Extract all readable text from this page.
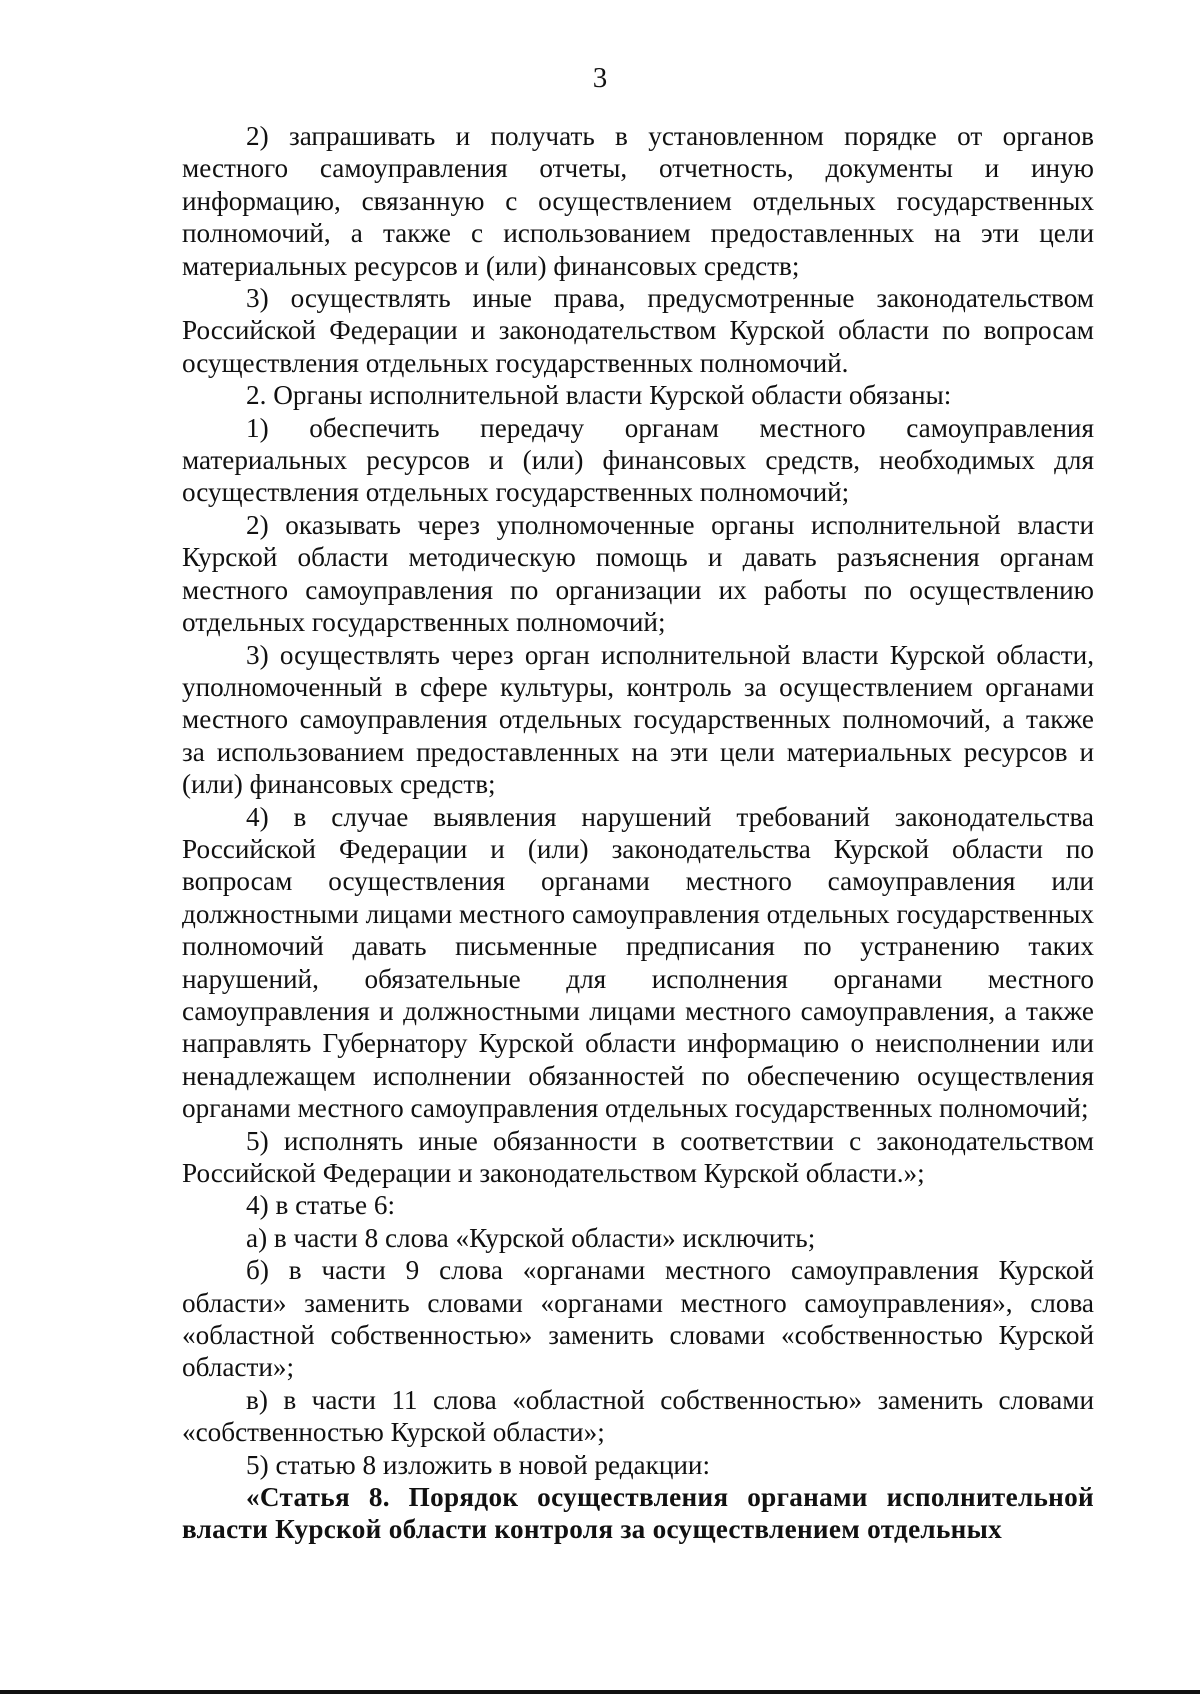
3

2) запрашивать и получать в установленном порядке от органов местного самоуправления отчеты, отчетность, документы и иную информацию, связанную с осуществлением отдельных государственных полномочий, а также с использованием предоставленных на эти цели материальных ресурсов и (или) финансовых средств;

3) осуществлять иные права, предусмотренные законодательством Российской Федерации и законодательством Курской области по вопросам осуществления отдельных государственных полномочий.

2. Органы исполнительной власти Курской области обязаны:

1) обеспечить передачу органам местного самоуправления материальных ресурсов и (или) финансовых средств, необходимых для осуществления отдельных государственных полномочий;

2) оказывать через уполномоченные органы исполнительной власти Курской области методическую помощь и давать разъяснения органам местного самоуправления по организации их работы по осуществлению отдельных государственных полномочий;

3) осуществлять через орган исполнительной власти Курской области, уполномоченный в сфере культуры, контроль за осуществлением органами местного самоуправления отдельных государственных полномочий, а также за использованием предоставленных на эти цели материальных ресурсов и (или) финансовых средств;

4) в случае выявления нарушений требований законодательства Российской Федерации и (или) законодательства Курской области по вопросам осуществления органами местного самоуправления или должностными лицами местного самоуправления отдельных государственных полномочий давать письменные предписания по устранению таких нарушений, обязательные для исполнения органами местного самоуправления и должностными лицами местного самоуправления, а также направлять Губернатору Курской области информацию о неисполнении или ненадлежащем исполнении обязанностей по обеспечению осуществления органами местного самоуправления отдельных государственных полномочий;

5) исполнять иные обязанности в соответствии с законодательством Российской Федерации и законодательством Курской области.»;

4) в статье 6:

а) в части 8 слова «Курской области» исключить;

б) в части 9 слова «органами местного самоуправления Курской области» заменить словами «органами местного самоуправления», слова «областной собственностью» заменить словами «собственностью Курской области»;

в) в части 11 слова «областной собственностью» заменить словами «собственностью Курской области»;

5) статью 8 изложить в новой редакции:

«Статья 8. Порядок осуществления органами исполнительной власти Курской области контроля за осуществлением отдельных
